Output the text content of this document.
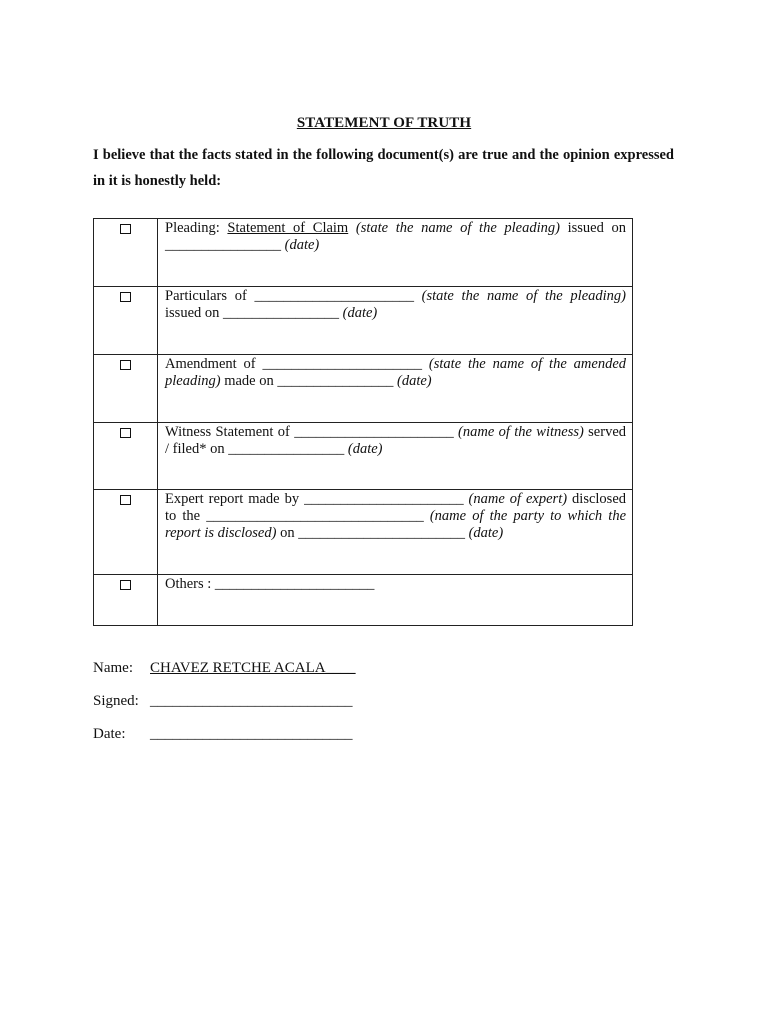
STATEMENT OF TRUTH
I believe that the facts stated in the following document(s) are true and the opinion expressed in it is honestly held:

	Pleading: Statement of Claim (state the name of the pleading) issued on ________________ (date)

	Particulars of ______________________ (state the name of the pleading) issued on ________________ (date)

	Amendment of ______________________ (state the name of the amended pleading) made on ________________ (date)

	Witness Statement of ______________________ (name of the witness) served / filed* on ________________ (date)

	Expert report made by ______________________ (name of expert) disclosed to the ______________________________ (name of the party to which the report is disclosed) on _______________________ (date)

	Others : ______________________
Name: CHAVEZ RETCHE ACALA____
Signed: ___________________________
Date: ___________________________
